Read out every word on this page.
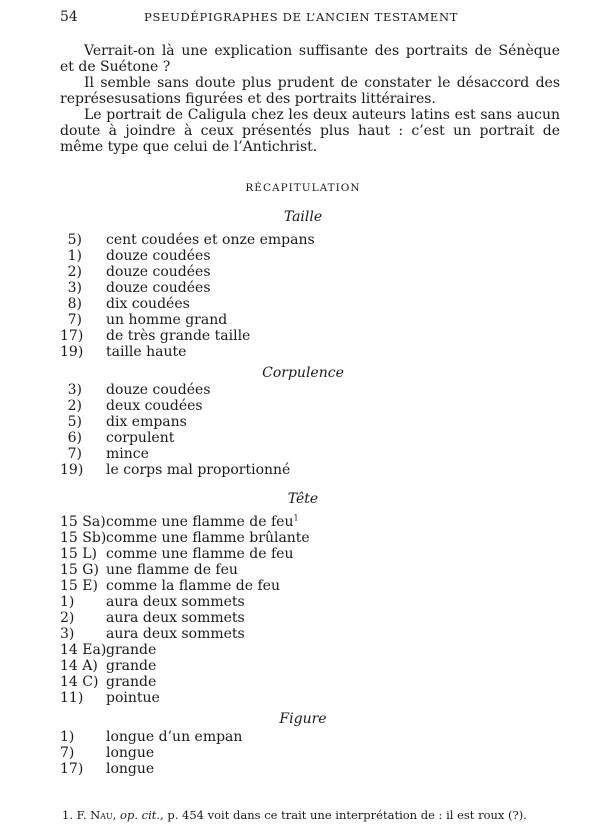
54	PSEUDÉPIGRAPHES DE L’ANCIEN TESTAMENT

Verrait-on là une explication suffisante des portraits de Sénèque et de Suétone ?

Il semble sans doute plus prudent de constater le désaccord des représesusations figurées et des portraits littéraires.

Le portrait de Caligula chez les deux auteurs latins est sans aucun doute à joindre à ceux présentés plus haut : c’est un portrait de même type que celui de l’Antichrist.

RÉCAPITULATION
Taille
5) cent coudées et onze empans
1) douze coudées
2) douze coudées
3) douze coudées
8) dix coudées
7) un homme grand
17) de très grande taille
19) taille haute
Corpulence
3) douze coudées
2) deux coudées
5) dix empans
6) corpulent
7) mince
19) le corps mal proportionné
Tête
15 Sa)comme une flamme de feu$^1$
15 Sb)comme une flamme brûlante
15 L) comme une flamme de feu
15 G) une flamme de feu
15 E) comme la flamme de feu
1) aura deux sommets
2) aura deux sommets
3) aura deux sommets
14 Ea)grande
14 A) grande
14 C) grande
11) pointue
Figure
1) longue d’un empan
7) longue
17) longue
1. F. Nau, op. cit., p. 454 voit dans ce trait une interprétation de : il est roux (?).
